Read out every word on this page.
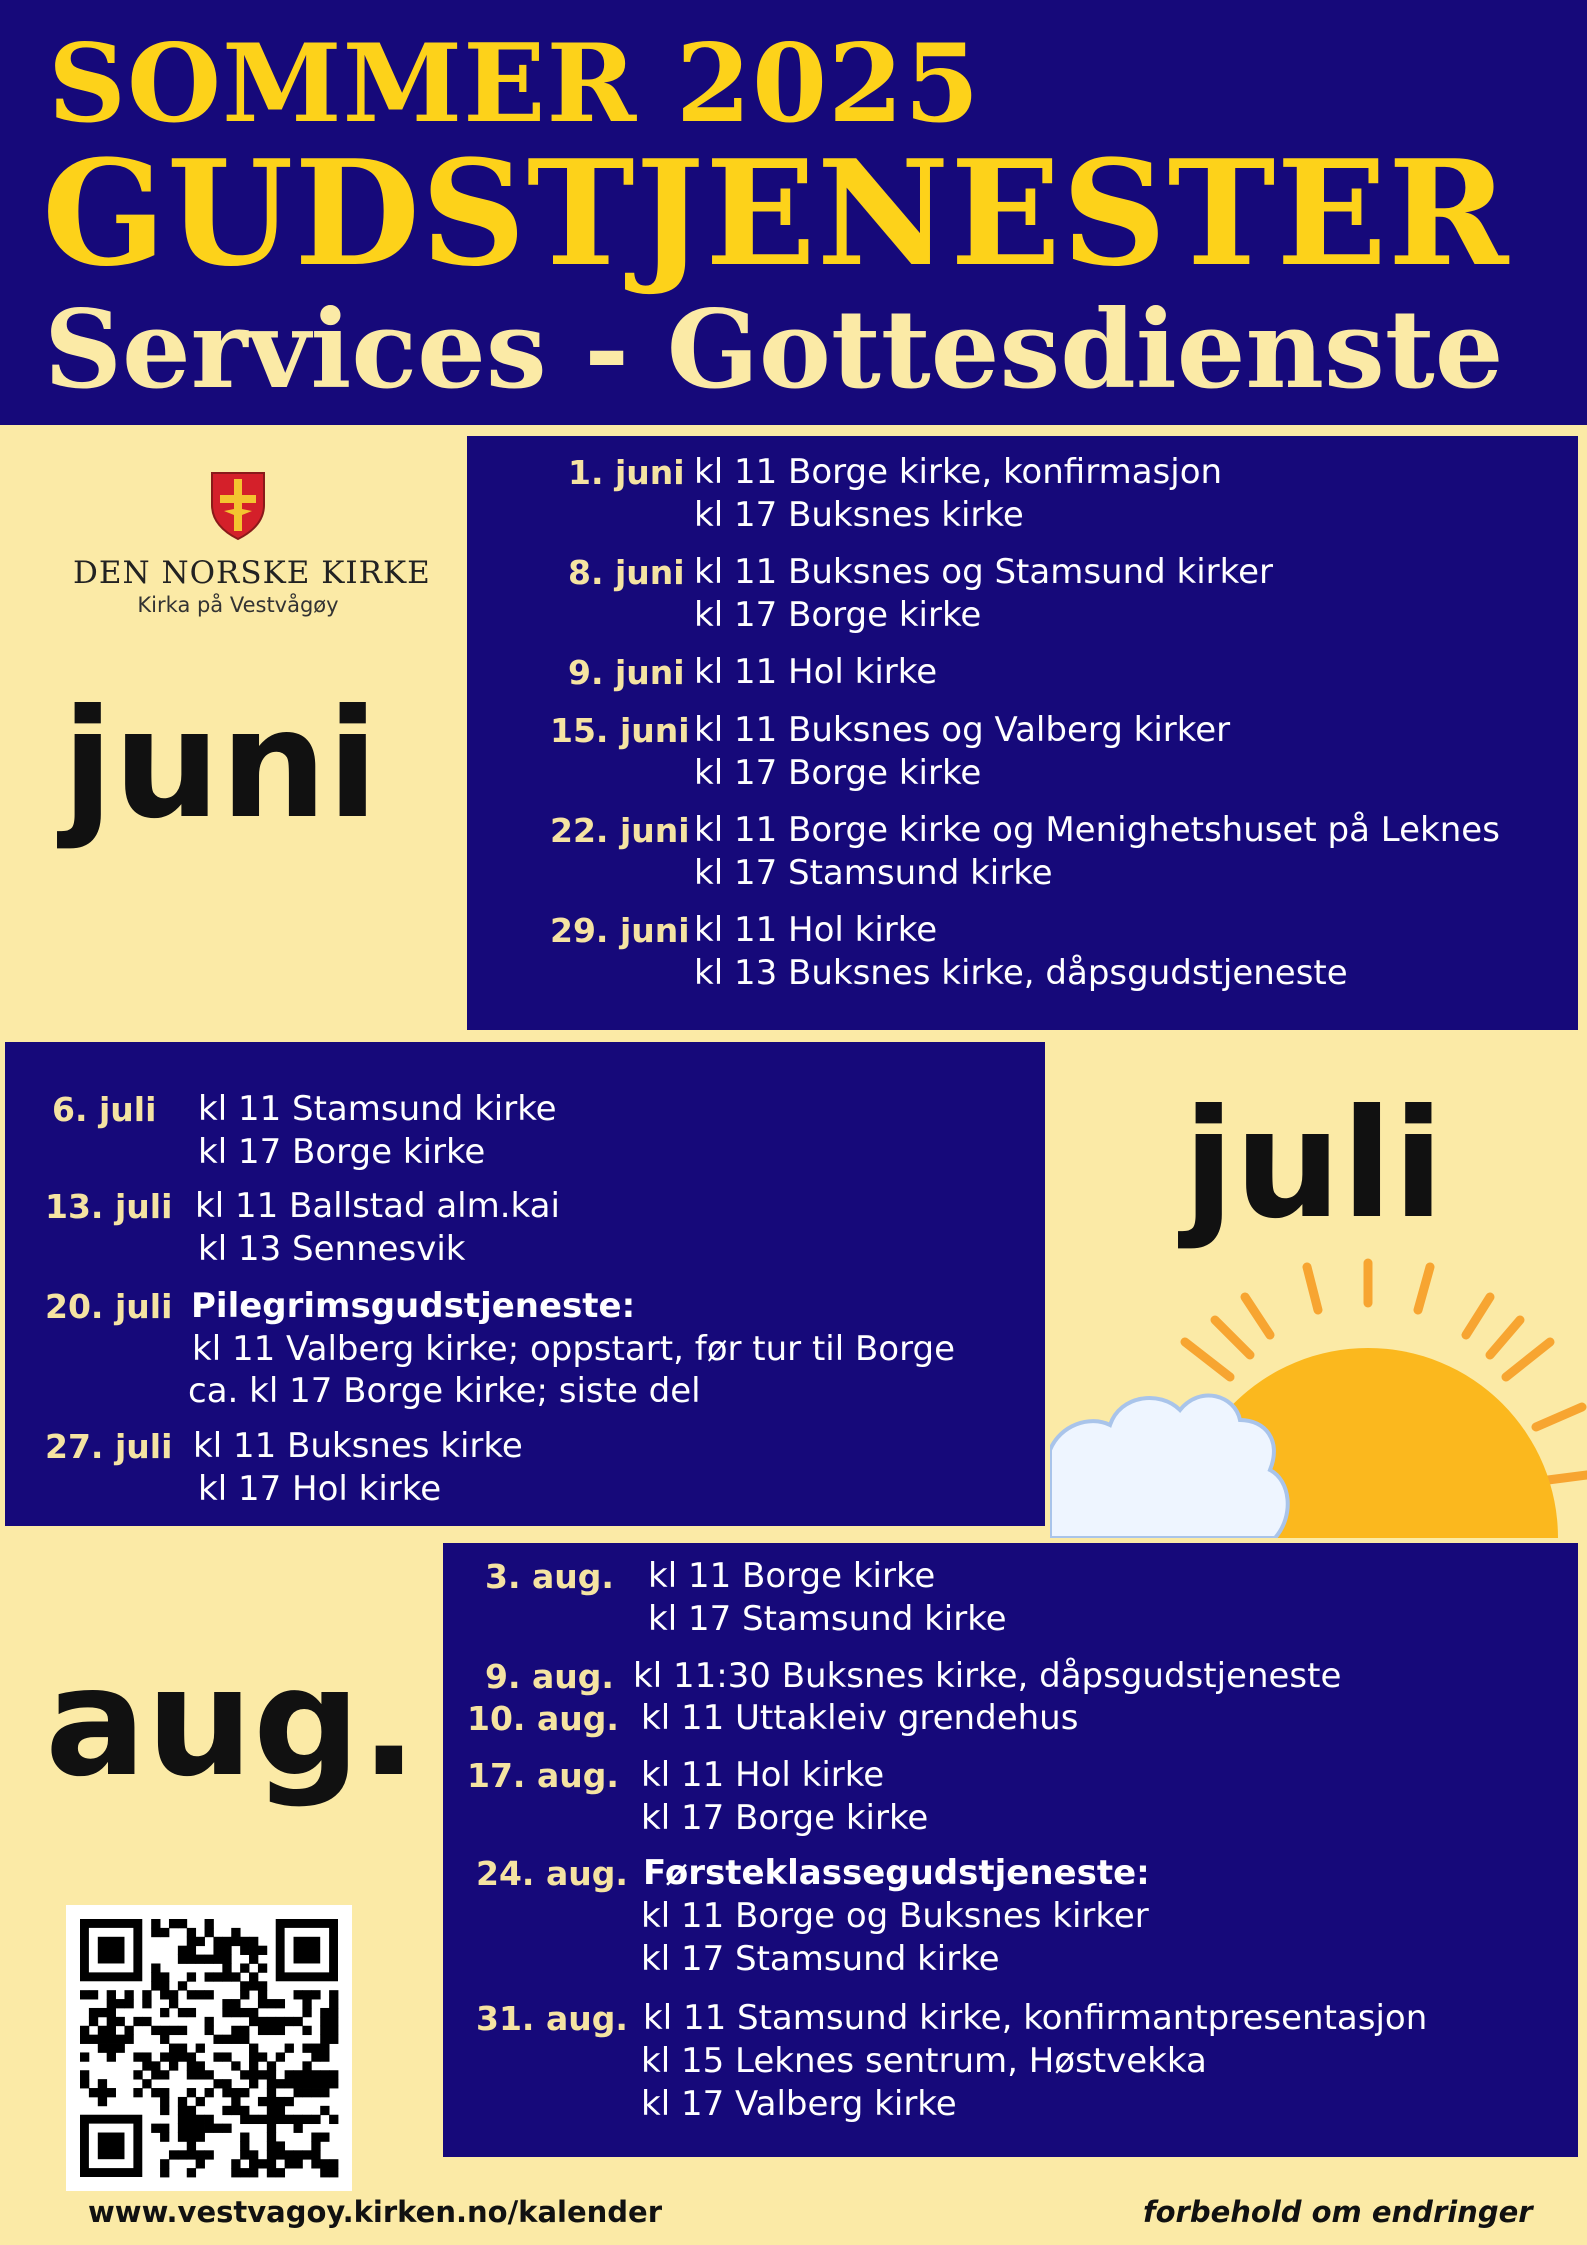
SOMMER 2025
GUDSTJENESTER
Services - Gottesdienste
DEN NORSKE KIRKE
Kirka på Vestvågøy
juni
1. juni kl 11 Borge kirke, konfirmasjon
kl 17 Buksnes kirke
8. juni kl 11 Buksnes og Stamsund kirker
kl 17 Borge kirke
9. juni kl 11 Hol kirke
15. juni kl 11 Buksnes og Valberg kirker
kl 17 Borge kirke
22. juni kl 11 Borge kirke og Menighetshuset på Leknes
kl 17 Stamsund kirke
29. juni kl 11 Hol kirke
kl 13 Buksnes kirke, dåpsgudstjeneste
6. juli kl 11 Stamsund kirke
kl 17 Borge kirke
13. juli kl 11 Ballstad alm.kai
kl 13 Sennesvik
20. juli Pilegrimsgudstjeneste:
kl 11 Valberg kirke; oppstart, før tur til Borge
ca. kl 17 Borge kirke; siste del
27. juli kl 11 Buksnes kirke
kl 17 Hol kirke
juli
aug.
3. aug. kl 11 Borge kirke
kl 17 Stamsund kirke
9. aug. kl 11:30 Buksnes kirke, dåpsgudstjeneste
10. aug. kl 11 Uttakleiv grendehus
17. aug. kl 11 Hol kirke
kl 17 Borge kirke
24. aug. Førsteklassegudstjeneste:
kl 11 Borge og Buksnes kirker
kl 17 Stamsund kirke
31. aug. kl 11 Stamsund kirke, konfirmantpresentasjon
kl 15 Leknes sentrum, Høstvekka
kl 17 Valberg kirke
www.vestvagoy.kirken.no/kalender	forbehold om endringer
